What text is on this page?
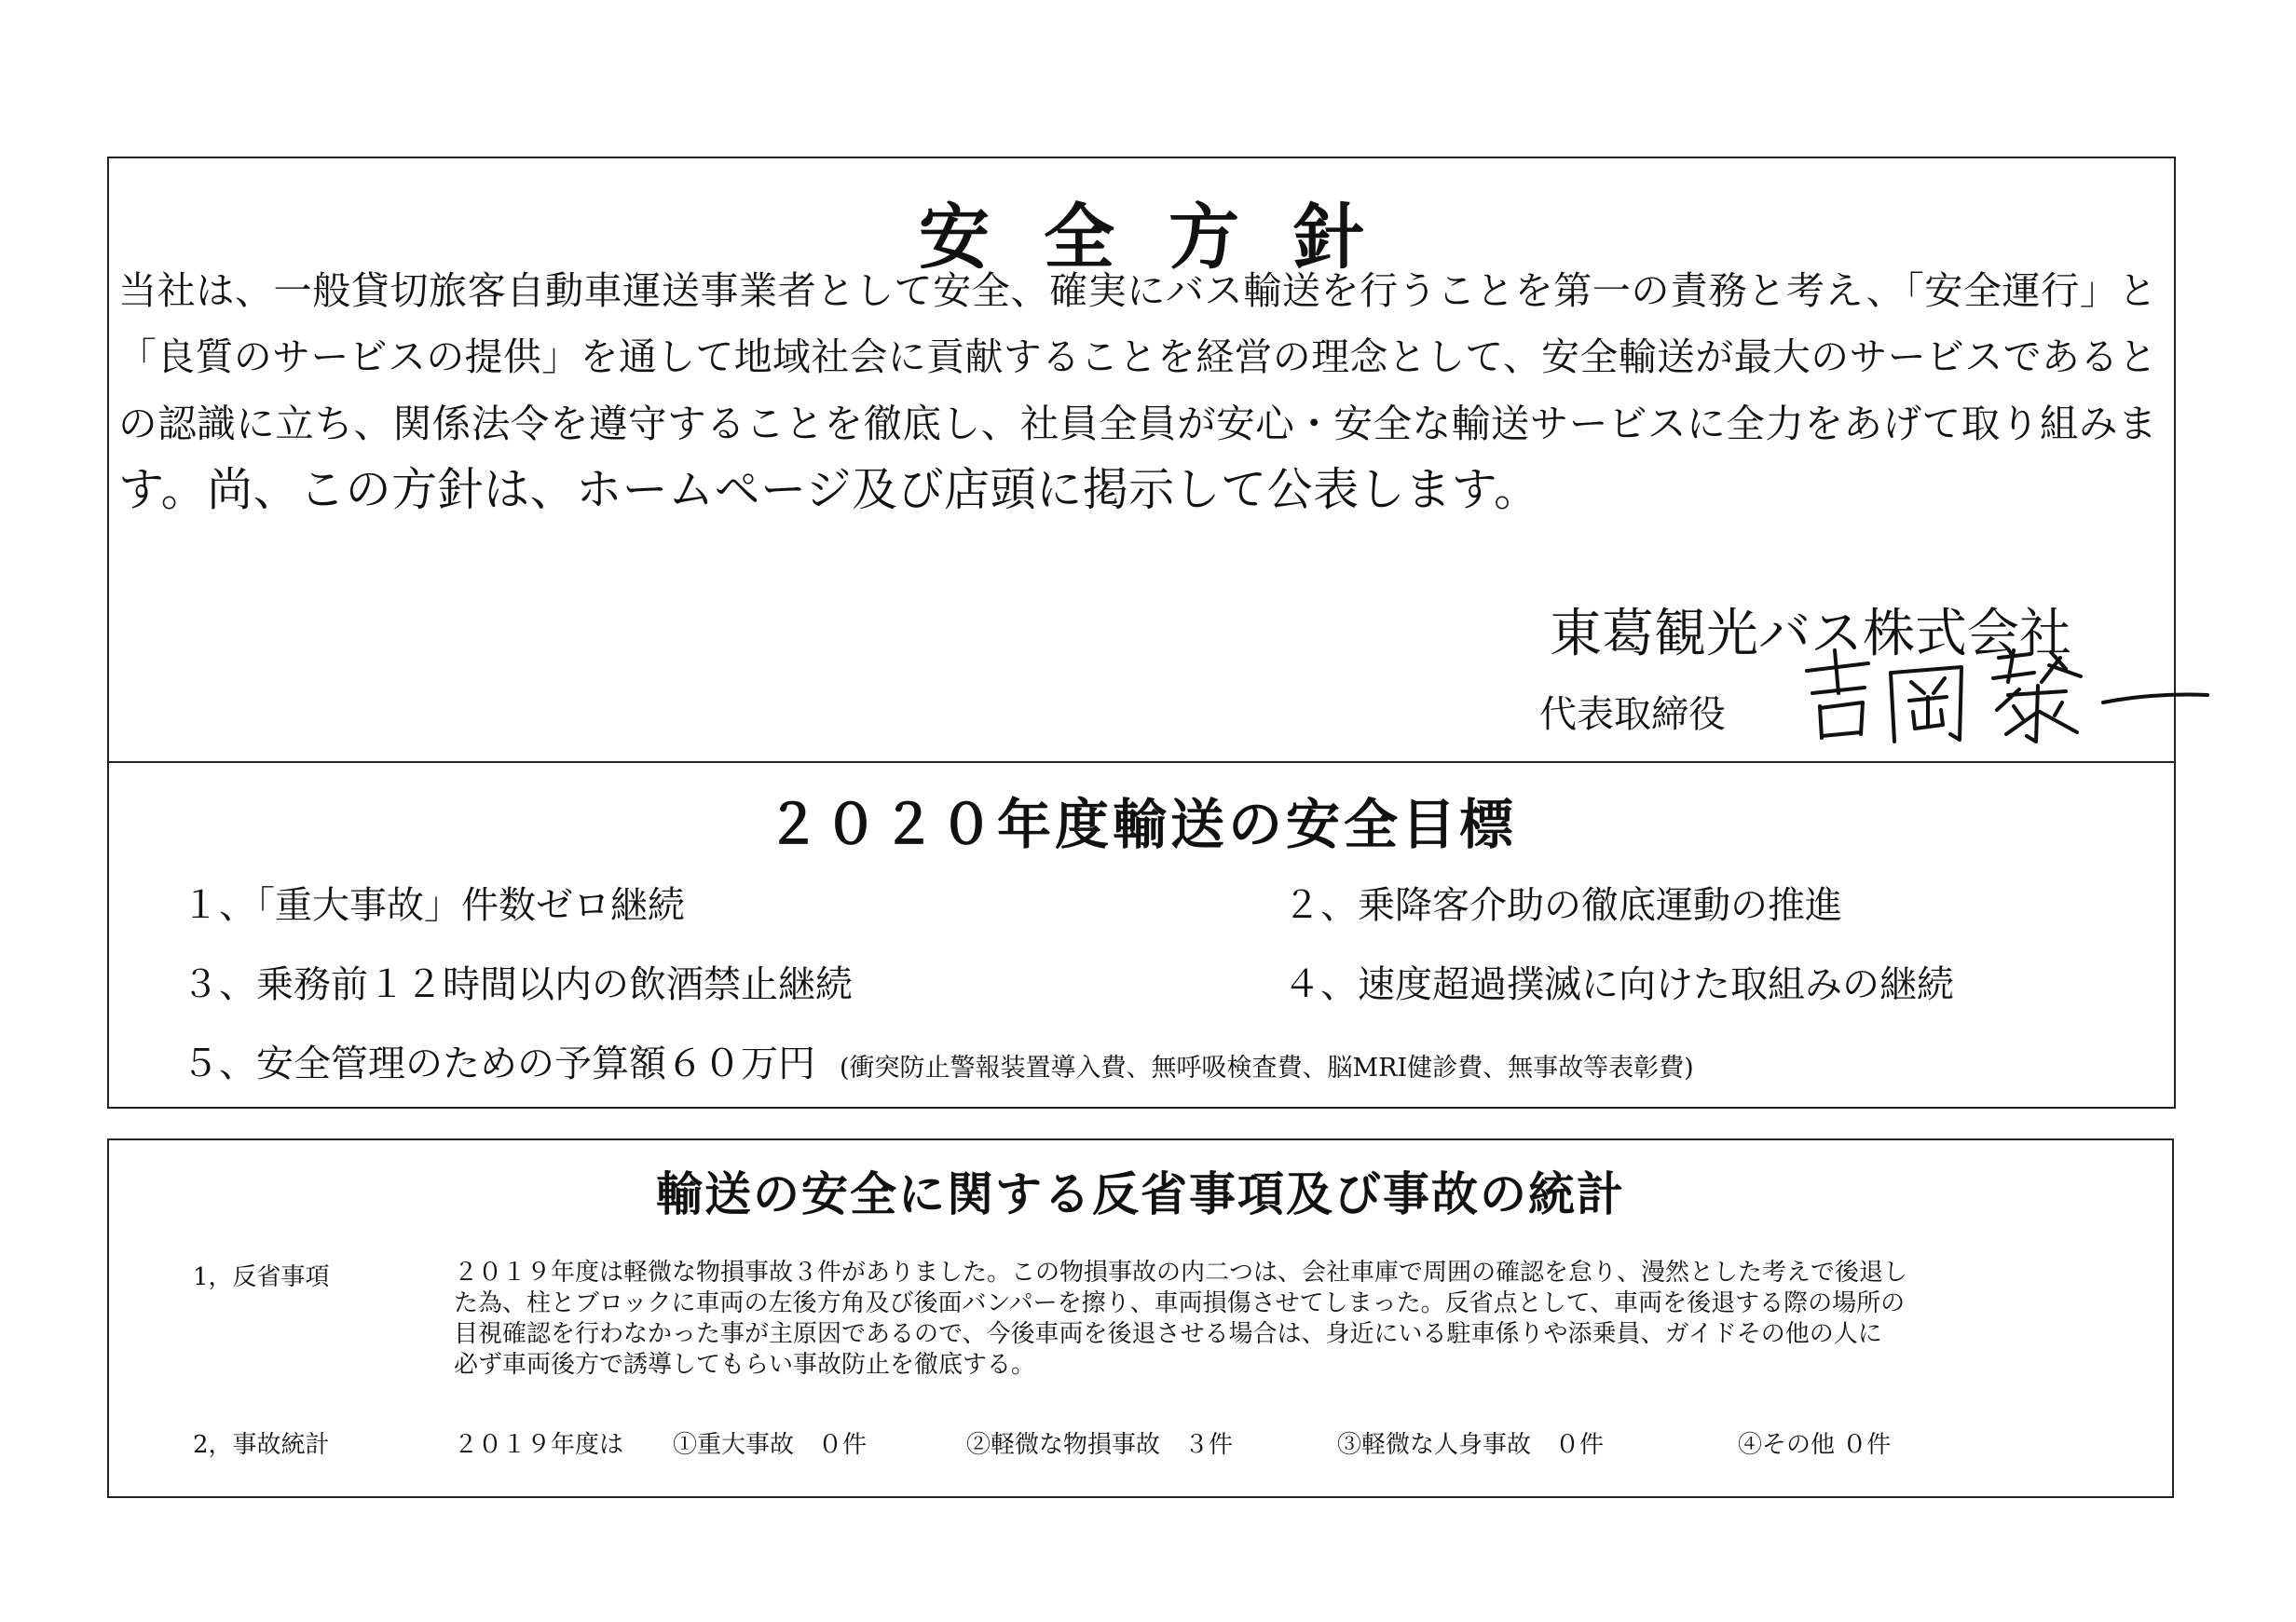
安全方針
当社は、一般貸切旅客自動車運送事業者として安全、確実にバス輸送を行うことを第一の責務と考え、「安全運行」と
「良質のサービスの提供」を通して地域社会に貢献することを経営の理念として、安全輸送が最大のサービスであると
の認識に立ち、関係法令を遵守することを徹底し、社員全員が安心・安全な輸送サービスに全力をあげて取り組みま
す。尚、この方針は、ホームページ及び店頭に掲示して公表します。
東葛観光バス株式会社
代表取締役
２０２０年度輸送の安全目標
１、「重大事故」件数ゼロ継続	２、乗降客介助の徹底運動の推進
３、乗務前１２時間以内の飲酒禁止継続	４、速度超過撲滅に向けた取組みの継続
５、安全管理のための予算額６０万円 (衝突防止警報装置導入費、無呼吸検査費、脳MRI健診費、無事故等表彰費)
輸送の安全に関する反省事項及び事故の統計
1，反省事項	２０１９年度は軽微な物損事故３件がありました。この物損事故の内二つは、会社車庫で周囲の確認を怠り、漫然とした考えで後退し
た為、柱とブロックに車両の左後方角及び後面バンパーを擦り、車両損傷させてしまった。反省点として、車両を後退する際の場所の
目視確認を行わなかった事が主原因であるので、今後車両を後退させる場合は、身近にいる駐車係りや添乗員、ガイドその他の人に
必ず車両後方で誘導してもらい事故防止を徹底する。
2，事故統計	２０１９年度は ①重大事故　０件	②軽微な物損事故　３件	③軽微な人身事故　０件	④その他 ０件
